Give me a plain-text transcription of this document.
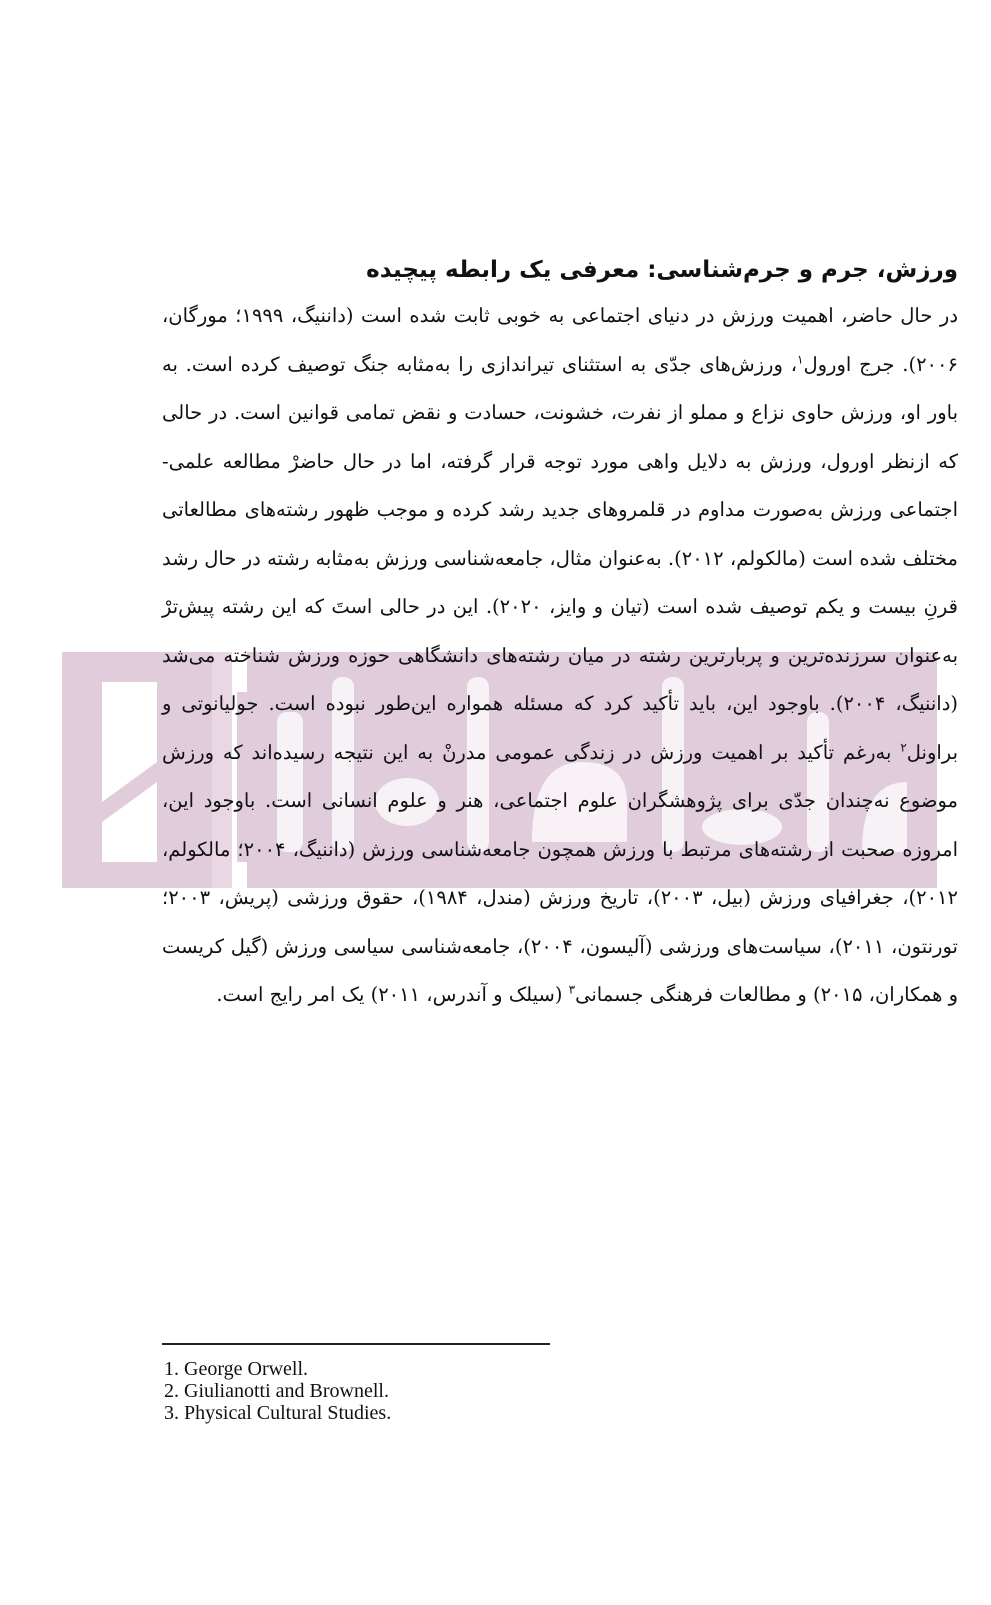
ورزش، جرم و جرم‌شناسی: معرفی یک رابطه پیچیده

در حال حاضر، اهمیت ورزش در دنیای اجتماعی به خوبی ثابت شده است (داننیگ، ۱۹۹۹؛ مورگان، ۲۰۰۶). جرج اورول$^۱$، ورزش‌های جدّی به استثنای تیراندازی را به‌مثابه جنگ توصیف کرده است. به باور او، ورزش حاوی نزاع و مملو از نفرت، خشونت، حسادت و نقض تمامی قوانین است. در حالی که ازنظر اورول، ورزش به دلایل واهی مورد توجه قرار گرفته، اما در حال حاضرْ مطالعه علمی- اجتماعی ورزش به‌صورت مداوم در قلمروهای جدید رشد کرده و موجب ظهور رشته‌های مطالعاتی مختلف شده است (مالکولم، ۲۰۱۲). به‌عنوان مثال، جامعه‌شناسی ورزش به‌مثابه رشته در حال رشد قرنِ بیست و یکم توصیف شده است (تیان و وایز، ۲۰۲۰). این در حالی استَ که این رشته پیش‌ترْ به‌عنوان سرزنده‌ترین و پربارترین رشته در میان رشته‌های دانشگاهی حوزه ورزش شناخته می‌شد (داننیگ، ۲۰۰۴). باوجود این، باید تأکید کرد که مسئله همواره این‌طور نبوده است. جولیانوتی و براونل$^۲$ به‌رغم تأکید بر اهمیت ورزش در زندگی عمومی مدرنْ به این نتیجه رسیده‌اند که ورزش موضوع نه‌چندان جدّی برای پژوهشگران علوم اجتماعی، هنر و علوم انسانی است. باوجود این، امروزه صحبت از رشته‌های مرتبط با ورزش همچون جامعه‌شناسی ورزش (داننیگ، ۲۰۰۴؛ مالکولم، ۲۰۱۲)، جغرافیای ورزش (بیل، ۲۰۰۳)، تاریخ ورزش (مندل، ۱۹۸۴)، حقوق ورزشی (پریش، ۲۰۰۳؛ تورنتون، ۲۰۱۱)، سیاست‌های ورزشی (آلیسون، ۲۰۰۴)، جامعه‌شناسی سیاسی ورزش (گیل کریست و همکاران، ۲۰۱۵) و مطالعات فرهنگی جسمانی$^۳$ (سیلک و آندرس، ۲۰۱۱) یک امر رایج است.

1. George Orwell.

2. Giulianotti and Brownell.

3. Physical Cultural Studies.
